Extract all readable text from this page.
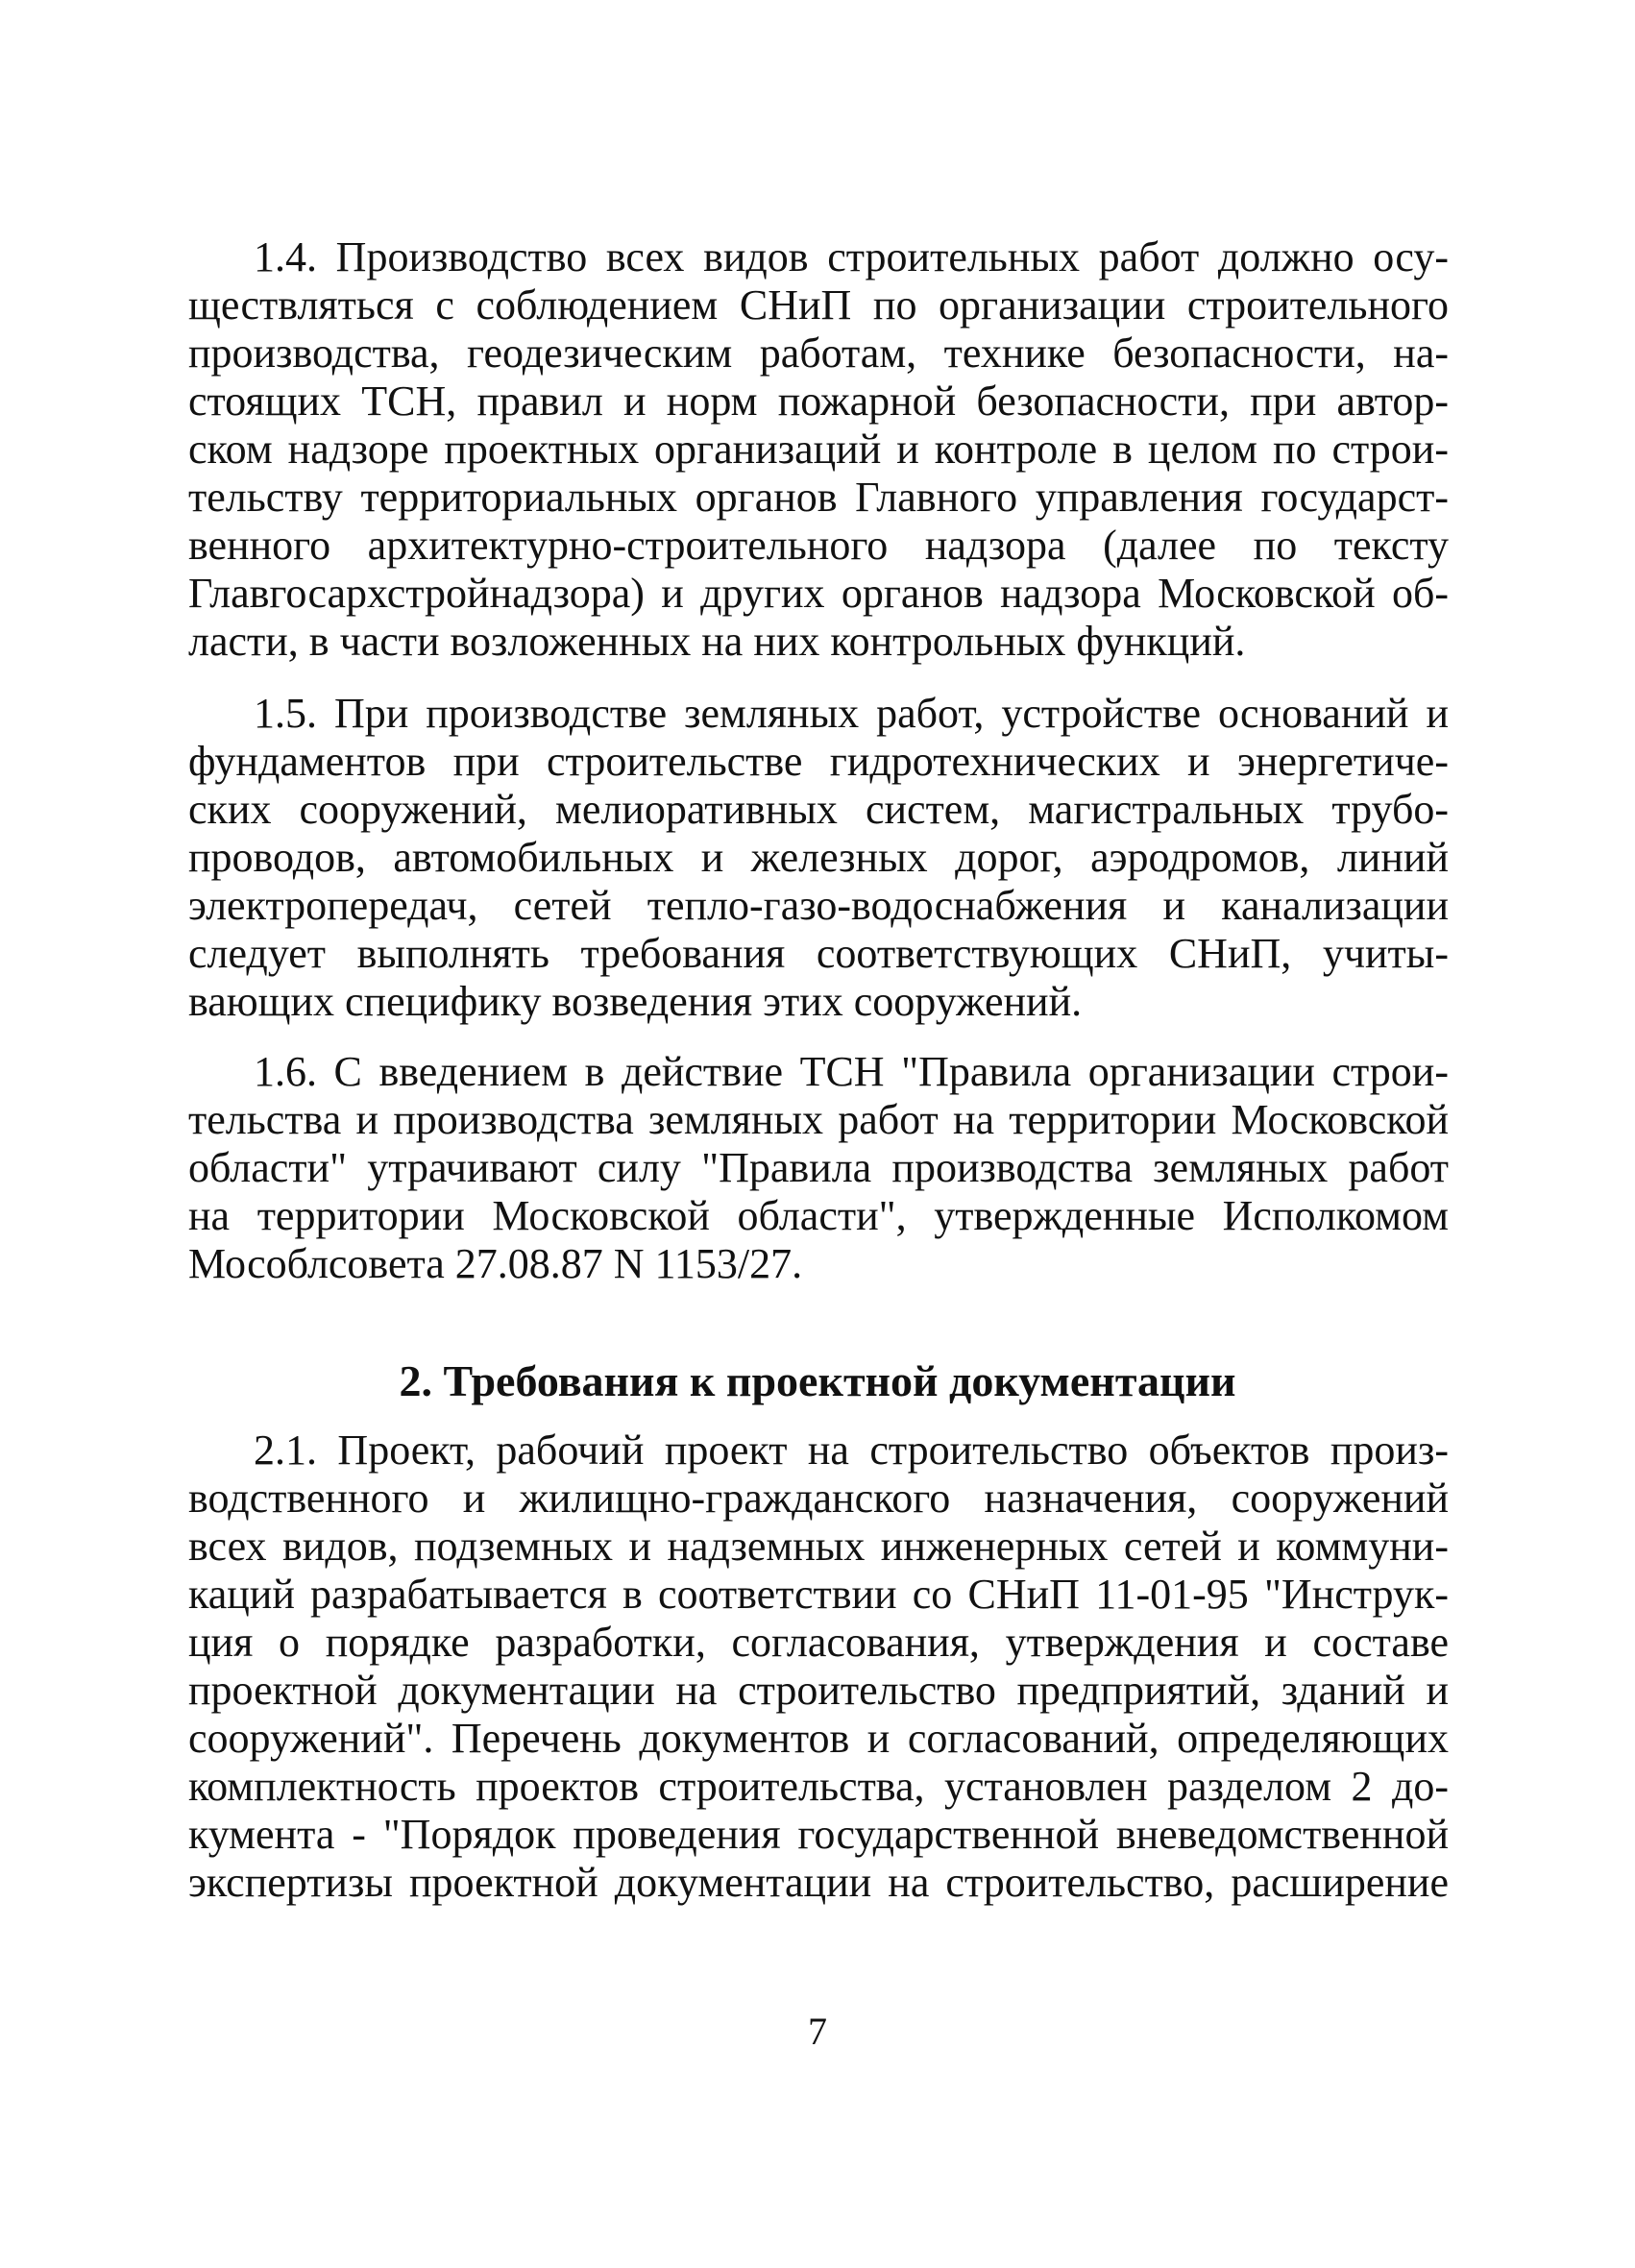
1.4. Производство всех видов строительных работ должно осу-
ществляться с соблюдением СНиП по организации строительного
производства, геодезическим работам, технике безопасности, на-
стоящих ТСН, правил и норм пожарной безопасности, при автор-
ском надзоре проектных организаций и контроле в целом по строи-
тельству территориальных органов Главного управления государст-
венного архитектурно-строительного надзора (далее по тексту
Главгосархстройнадзора) и других органов надзора Московской об-
ласти, в части возложенных на них контрольных функций.
1.5. При производстве земляных работ, устройстве оснований и
фундаментов при строительстве гидротехнических и энергетиче-
ских сооружений, мелиоративных систем, магистральных трубо-
проводов, автомобильных и железных дорог, аэродромов, линий
электропередач, сетей тепло-газо-водоснабжения и канализации
следует выполнять требования соответствующих СНиП, учиты-
вающих специфику возведения этих сооружений.
1.6. С введением в действие ТСН "Правила организации строи-
тельства и производства земляных работ на территории Московской
области" утрачивают силу "Правила производства земляных работ
на территории Московской области", утвержденные Исполкомом
Мособлсовета 27.08.87 N 1153/27.
2. Требования к проектной документации
2.1. Проект, рабочий проект на строительство объектов произ-
водственного и жилищно-гражданского назначения, сооружений
всех видов, подземных и надземных инженерных сетей и коммуни-
каций разрабатывается в соответствии со СНиП 11-01-95 "Инструк-
ция о порядке разработки, согласования, утверждения и составе
проектной документации на строительство предприятий, зданий и
сооружений". Перечень документов и согласований, определяющих
комплектность проектов строительства, установлен разделом 2 до-
кумента - "Порядок проведения государственной вневедомственной
экспертизы проектной документации на строительство, расширение
7
